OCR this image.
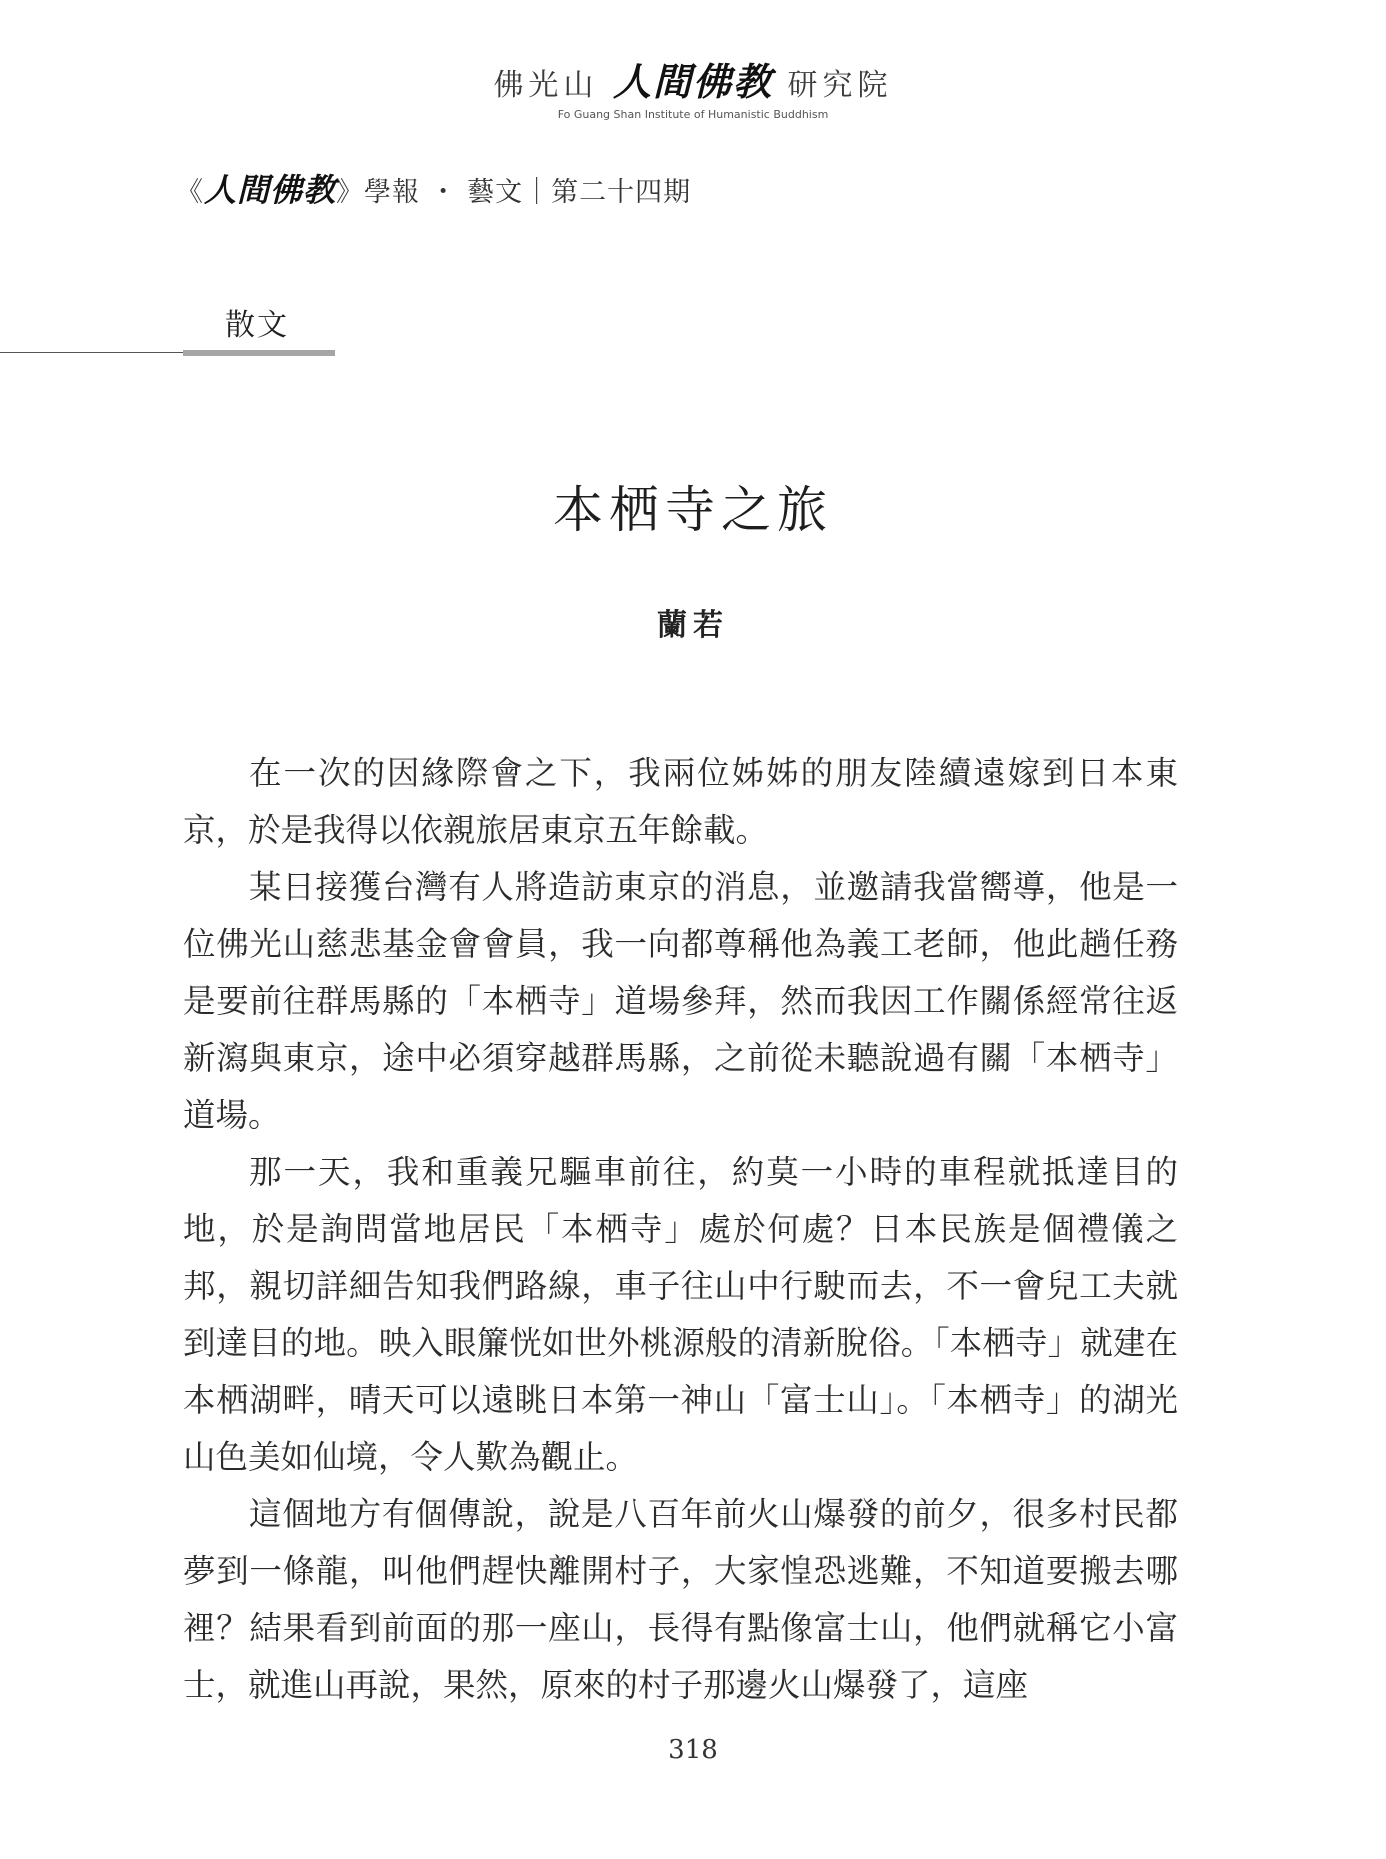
佛光山 人間佛教 研究院
Fo Guang Shan Institute of Humanistic Buddhism
《人間佛教》學報 ・ 藝文｜第二十四期
散文
本栖寺之旅
蘭若

在一次的因緣際會之下，我兩位姊姊的朋友陸續遠嫁到日本東京，於是我得以依親旅居東京五年餘載。

某日接獲台灣有人將造訪東京的消息，並邀請我當嚮導，他是一位佛光山慈悲基金會會員，我一向都尊稱他為義工老師，他此趟任務是要前往群馬縣的「本栖寺」道場參拜，然而我因工作關係經常往返新瀉與東京，途中必須穿越群馬縣，之前從未聽說過有關「本栖寺」道場。

那一天，我和重義兄驅車前往，約莫一小時的車程就抵達目的地，於是詢問當地居民「本栖寺」處於何處？日本民族是個禮儀之邦，親切詳細告知我們路線，車子往山中行駛而去，不一會兒工夫就到達目的地。映入眼簾恍如世外桃源般的清新脫俗。「本栖寺」就建在本栖湖畔，晴天可以遠眺日本第一神山「富士山」。「本栖寺」的湖光山色美如仙境，令人歎為觀止。

這個地方有個傳說，說是八百年前火山爆發的前夕，很多村民都夢到一條龍，叫他們趕快離開村子，大家惶恐逃難，不知道要搬去哪裡？結果看到前面的那一座山，長得有點像富士山，他們就稱它小富士，就進山再說，果然，原來的村子那邊火山爆發了，這座

318
